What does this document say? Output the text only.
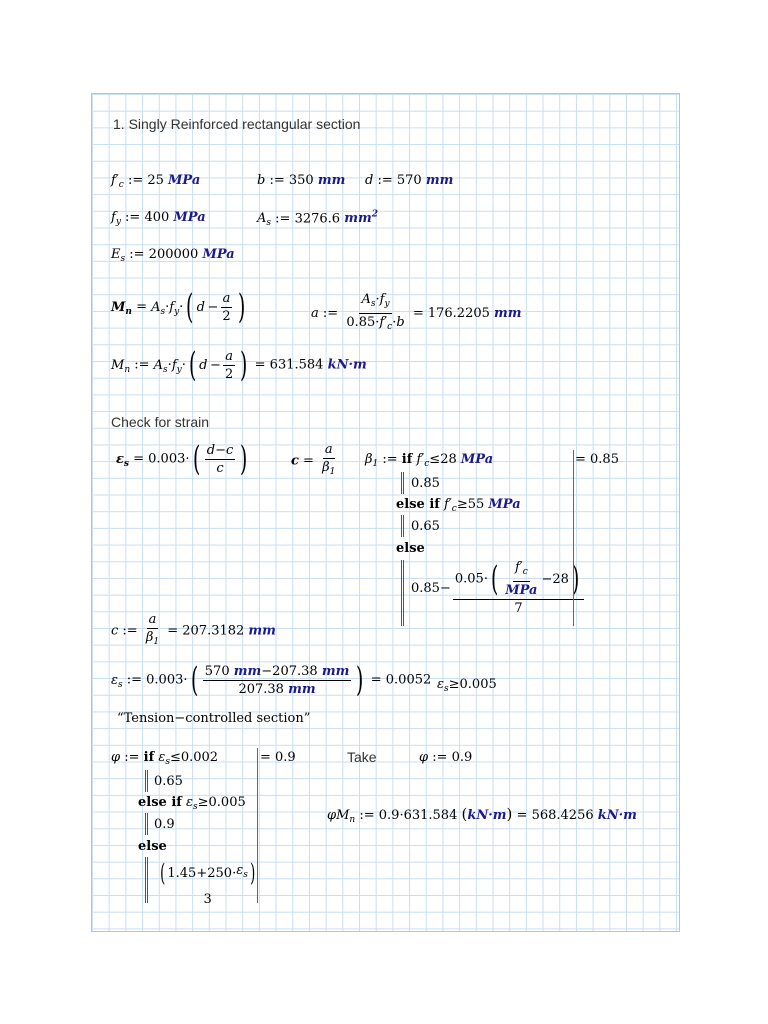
1. Singly Reinforced rectangular section
$f'_c$ := 25 MPa	b := 350 mm d := 570 mm
$f_y$ := 400 MPa	$A_s$ := 3276.6 $mm^2$
$E_s$ := 200000 MPa
$M_n = A_s\cdot f_y\cdot$ ( $d - \frac{a}{2}$ )	a := $\frac{A_s\cdot f_y}{0.85\cdot f'_c\cdot b} = 176.2205$ mm
$M_n$ := $A_s\cdot f_y\cdot$ ( $d - \frac{a}{2}$ ) = 631.584 kN·m
Check for strain
$\varepsilon_s = 0.003\cdot$ ( $\frac{d-c}{c}$ )	$c = \frac{a}{\beta_1} \beta_1$ := if $f'_c\le 28$ MPa
0.85
else if $f'_c\ge 55$ MPa
0.65
else
$0.85 - \frac{0.05\cdot ( \frac{f'_c}{\text{MPa}} - 28 )}{7}$
= 0.85
c := $\frac{a}{\beta_1} = 207.3182$ mm
$\varepsilon_s$ := 0.003· ( $\frac{570 mm-207.38 mm}{207.38 mm}$ ) = 0.0052 $\varepsilon_s\ge 0.005$
“Tension−controlled section”
φ := if $\varepsilon_s\le 0.002$
0.65
else if $\varepsilon_s\ge 0.005$
0.9
else
( $1.45 + 250 \cdot \varepsilon_s$ )
3
= 0.9	Take	φ := 0.9
$\varphi M_n$ := 0.9·631.584 (kN·m) = 568.4256 kN·m
